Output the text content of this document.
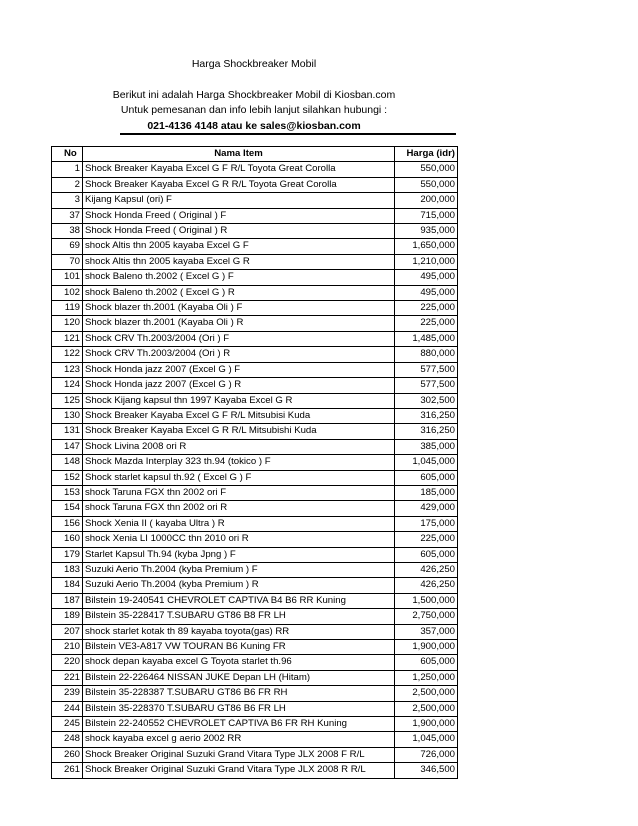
Harga Shockbreaker Mobil
Berikut ini adalah Harga Shockbreaker Mobil di Kiosban.com
Untuk pemesanan dan info lebih lanjut silahkan hubungi :
021-4136 4148 atau ke sales@kiosban.com
No	Nama Item	Harga (idr)
1	Shock Breaker Kayaba Excel G F R/L Toyota Great Corolla	550,000
2	Shock Breaker Kayaba Excel G R R/L Toyota Great Corolla	550,000
3	Kijang Kapsul (ori) F	200,000
37	Shock Honda Freed ( Original ) F	715,000
38	Shock Honda Freed ( Original ) R	935,000
69	shock Altis thn 2005 kayaba Excel G F	1,650,000
70	shock Altis thn 2005 kayaba Excel G R	1,210,000
101	shock Baleno th.2002 ( Excel G ) F	495,000
102	shock Baleno th.2002 ( Excel G ) R	495,000
119	Shock blazer th.2001 (Kayaba Oli ) F	225,000
120	Shock blazer th.2001 (Kayaba Oli ) R	225,000
121	Shock CRV Th.2003/2004 (Ori ) F	1,485,000
122	Shock CRV Th.2003/2004 (Ori ) R	880,000
123	Shock Honda jazz 2007 (Excel G ) F	577,500
124	Shock Honda jazz 2007 (Excel G ) R	577,500
125	Shock Kijang kapsul thn 1997 Kayaba Excel G R	302,500
130	Shock Breaker Kayaba Excel G F R/L Mitsubisi Kuda	316,250
131	Shock Breaker Kayaba Excel G R R/L Mitsubishi Kuda	316,250
147	Shock Livina 2008 ori R	385,000
148	Shock Mazda Interplay 323 th.94 (tokico ) F	1,045,000
152	Shock starlet kapsul th.92 ( Excel G ) F	605,000
153	shock Taruna FGX thn 2002 ori F	185,000
154	shock Taruna FGX thn 2002 ori R	429,000
156	Shock Xenia II ( kayaba Ultra ) R	175,000
160	shock Xenia LI 1000CC thn 2010 ori R	225,000
179	Starlet Kapsul Th.94 (kyba Jpng ) F	605,000
183	Suzuki Aerio Th.2004 (kyba Premium ) F	426,250
184	Suzuki Aerio Th.2004 (kyba Premium ) R	426,250
187	Bilstein 19-240541 CHEVROLET CAPTIVA B4 B6 RR Kuning	1,500,000
189	Bilstein 35-228417 T.SUBARU GT86 B8 FR LH	2,750,000
207	shock starlet kotak th 89 kayaba toyota(gas) RR	357,000
210	Bilstein VE3-A817 VW TOURAN B6 Kuning FR	1,900,000
220	shock depan kayaba excel G Toyota starlet th.96	605,000
221	Bilstein 22-226464 NISSAN JUKE Depan LH (Hitam)	1,250,000
239	Bilstein 35-228387 T.SUBARU GT86 B6 FR RH	2,500,000
244	Bilstein 35-228370 T.SUBARU GT86 B6 FR LH	2,500,000
245	Bilstein 22-240552 CHEVROLET CAPTIVA B6 FR RH Kuning	1,900,000
248	shock kayaba excel g aerio 2002 RR	1,045,000
260	Shock Breaker Original Suzuki Grand Vitara Type JLX 2008 F R/L	726,000
261	Shock Breaker Original Suzuki Grand Vitara Type JLX 2008 R R/L	346,500
